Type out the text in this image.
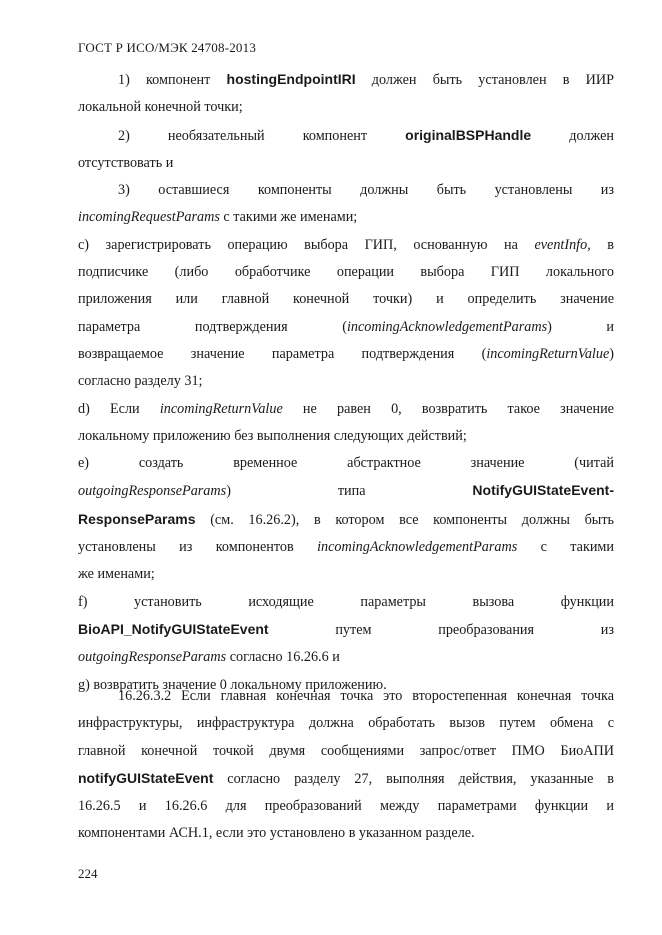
ГОСТ Р ИСО/МЭК 24708-2013

1) компонент hostingEndpointIRI должен быть установлен в ИИР

локальной конечной точки;

2) необязательный компонент originalBSPHandle должен

отсутствовать и

3) оставшиеся компоненты должны быть установлены из

incomingRequestParams с такими же именами;

c) зарегистрировать операцию выбора ГИП, основанную на eventInfo, в

подписчике (либо обработчике операции выбора ГИП локального

приложения или главной конечной точки) и определить значение

параметра подтверждения (incomingAcknowledgementParams) и

возвращаемое значение параметра подтверждения (incomingReturnValue)

согласно разделу 31;

d) Если incomingReturnValue не равен 0, возвратить такое значение

локальному приложению без выполнения следующих действий;

e) создать временное абстрактное значение (читай

outgoingResponseParams) типа NotifyGUIStateEvent-

ResponseParams (см. 16.26.2), в котором все компоненты должны быть

установлены из компонентов incomingAcknowledgementParams с такими

же именами;

f) установить исходящие параметры вызова функции

BioAPI_NotifyGUIStateEvent путем преобразования из

outgoingResponseParams согласно 16.26.6 и

g) возвратить значение 0 локальному приложению.

16.26.3.2 Если главная конечная точка это второстепенная конечная точка

инфраструктуры, инфраструктура должна обработать вызов путем обмена с

главной конечной точкой двумя сообщениями запрос/ответ ПМО БиоАПИ

notifyGUIStateEvent согласно разделу 27, выполняя действия, указанные в

16.26.5 и 16.26.6 для преобразований между параметрами функции и

компонентами АСН.1, если это установлено в указанном разделе.

224
